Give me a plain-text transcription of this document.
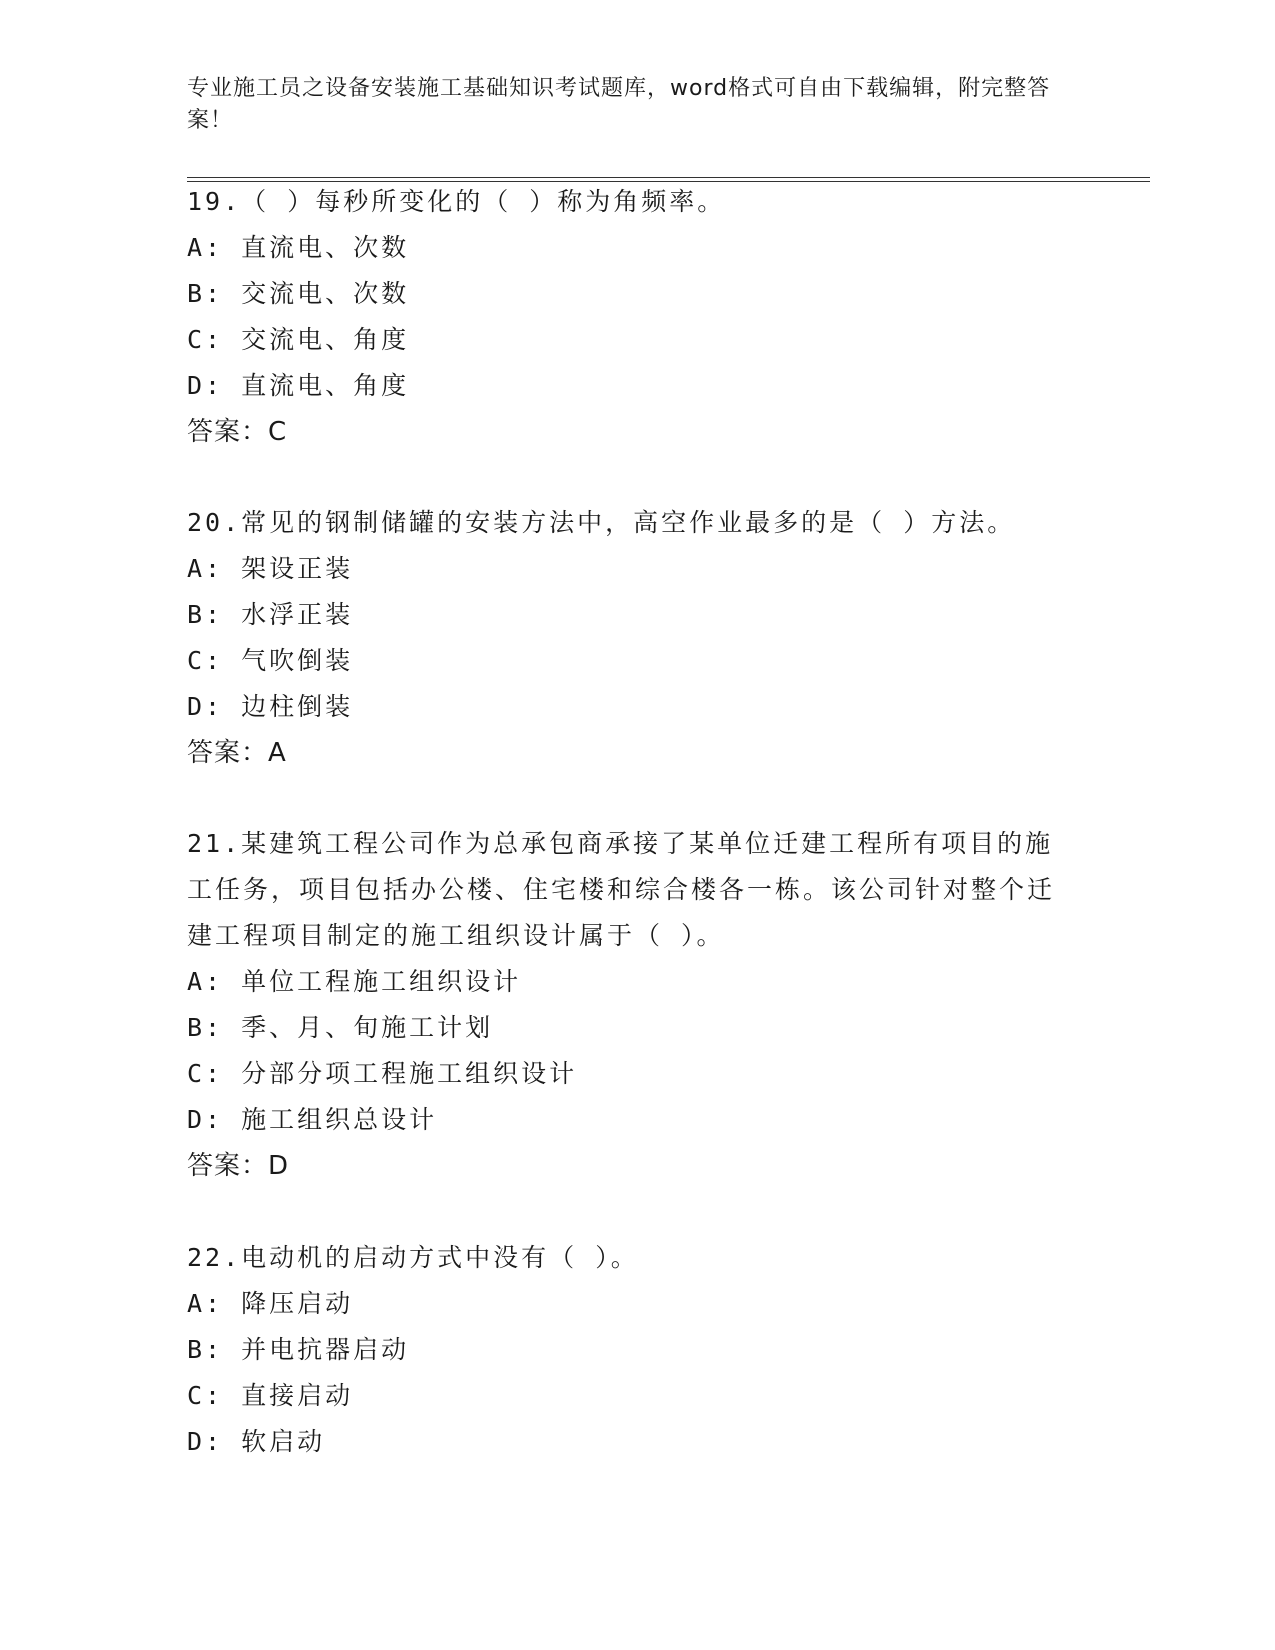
专业施工员之设备安装施工基础知识考试题库，word格式可自由下载编辑，附完整答案！

19.（ ）每秒所变化的（ ）称为角频率。

A: 直流电、次数

B: 交流电、次数

C: 交流电、角度

D: 直流电、角度

答案：C

20.常见的钢制储罐的安装方法中，高空作业最多的是（ ）方法。

A: 架设正装

B: 水浮正装

C: 气吹倒装

D: 边柱倒装

答案：A

21.某建筑工程公司作为总承包商承接了某单位迁建工程所有项目的施工任务，项目包括办公楼、住宅楼和综合楼各一栋。该公司针对整个迁建工程项目制定的施工组织设计属于（ ）。

A: 单位工程施工组织设计

B: 季、月、旬施工计划

C: 分部分项工程施工组织设计

D: 施工组织总设计

答案：D

22.电动机的启动方式中没有（ ）。

A: 降压启动

B: 并电抗器启动

C: 直接启动

D: 软启动
